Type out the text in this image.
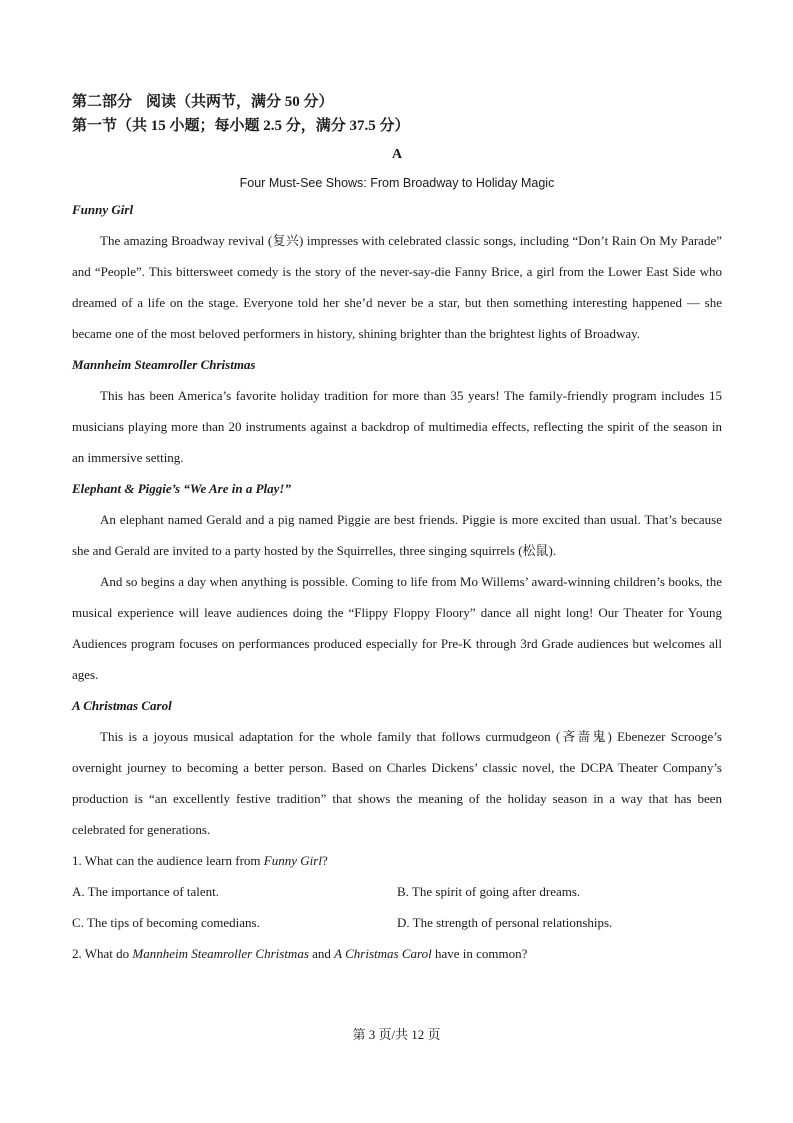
第二部分 阅读（共两节，满分 50 分）

第一节（共 15 小题；每小题 2.5 分，满分 37.5 分）

A
Four Must-See Shows: From Broadway to Holiday Magic

Funny Girl

The amazing Broadway revival (复兴) impresses with celebrated classic songs, including “Don’t Rain On My Parade” and “People”. This bittersweet comedy is the story of the never-say-die Fanny Brice, a girl from the Lower East Side who dreamed of a life on the stage. Everyone told her she’d never be a star, but then something interesting happened — she became one of the most beloved performers in history, shining brighter than the brightest lights of Broadway.

Mannheim Steamroller Christmas

This has been America’s favorite holiday tradition for more than 35 years! The family-friendly program includes 15 musicians playing more than 20 instruments against a backdrop of multimedia effects, reflecting the spirit of the season in an immersive setting.

Elephant & Piggie’s “We Are in a Play!”

An elephant named Gerald and a pig named Piggie are best friends. Piggie is more excited than usual. That’s because she and Gerald are invited to a party hosted by the Squirrelles, three singing squirrels (松鼠).

And so begins a day when anything is possible. Coming to life from Mo Willems’ award-winning children’s books, the musical experience will leave audiences doing the “Flippy Floppy Floory” dance all night long! Our Theater for Young Audiences program focuses on performances produced especially for Pre-K through 3rd Grade audiences but welcomes all ages.

A Christmas Carol

This is a joyous musical adaptation for the whole family that follows curmudgeon (吝啬鬼) Ebenezer Scrooge’s overnight journey to becoming a better person. Based on Charles Dickens’ classic novel, the DCPA Theater Company’s production is “an excellently festive tradition” that shows the meaning of the holiday season in a way that has been celebrated for generations.

1. What can the audience learn from Funny Girl?

A. The importance of talent.	B. The spirit of going after dreams.
C. The tips of becoming comedians.	D. The strength of personal relationships.

2. What do Mannheim Steamroller Christmas and A Christmas Carol have in common?

第 3 页/共 12 页
